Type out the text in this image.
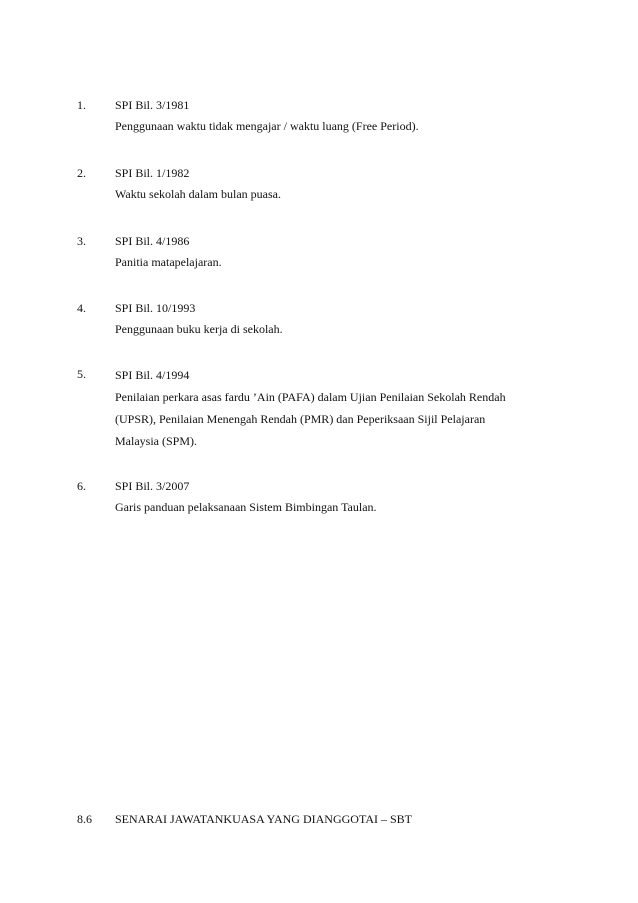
1. SPI Bil. 3/1981
Penggunaan waktu tidak mengajar / waktu luang (Free Period).
2. SPI Bil. 1/1982
Waktu sekolah dalam bulan puasa.
3. SPI Bil. 4/1986
Panitia matapelajaran.
4. SPI Bil. 10/1993
Penggunaan buku kerja di sekolah.
5. SPI Bil. 4/1994
Penilaian perkara asas fardu ’Ain (PAFA) dalam Ujian Penilaian Sekolah Rendah
(UPSR), Penilaian Menengah Rendah (PMR) dan Peperiksaan Sijil Pelajaran
Malaysia (SPM).
6. SPI Bil. 3/2007
Garis panduan pelaksanaan Sistem Bimbingan Taulan.
8.6 SENARAI JAWATANKUASA YANG DIANGGOTAI – SBT
